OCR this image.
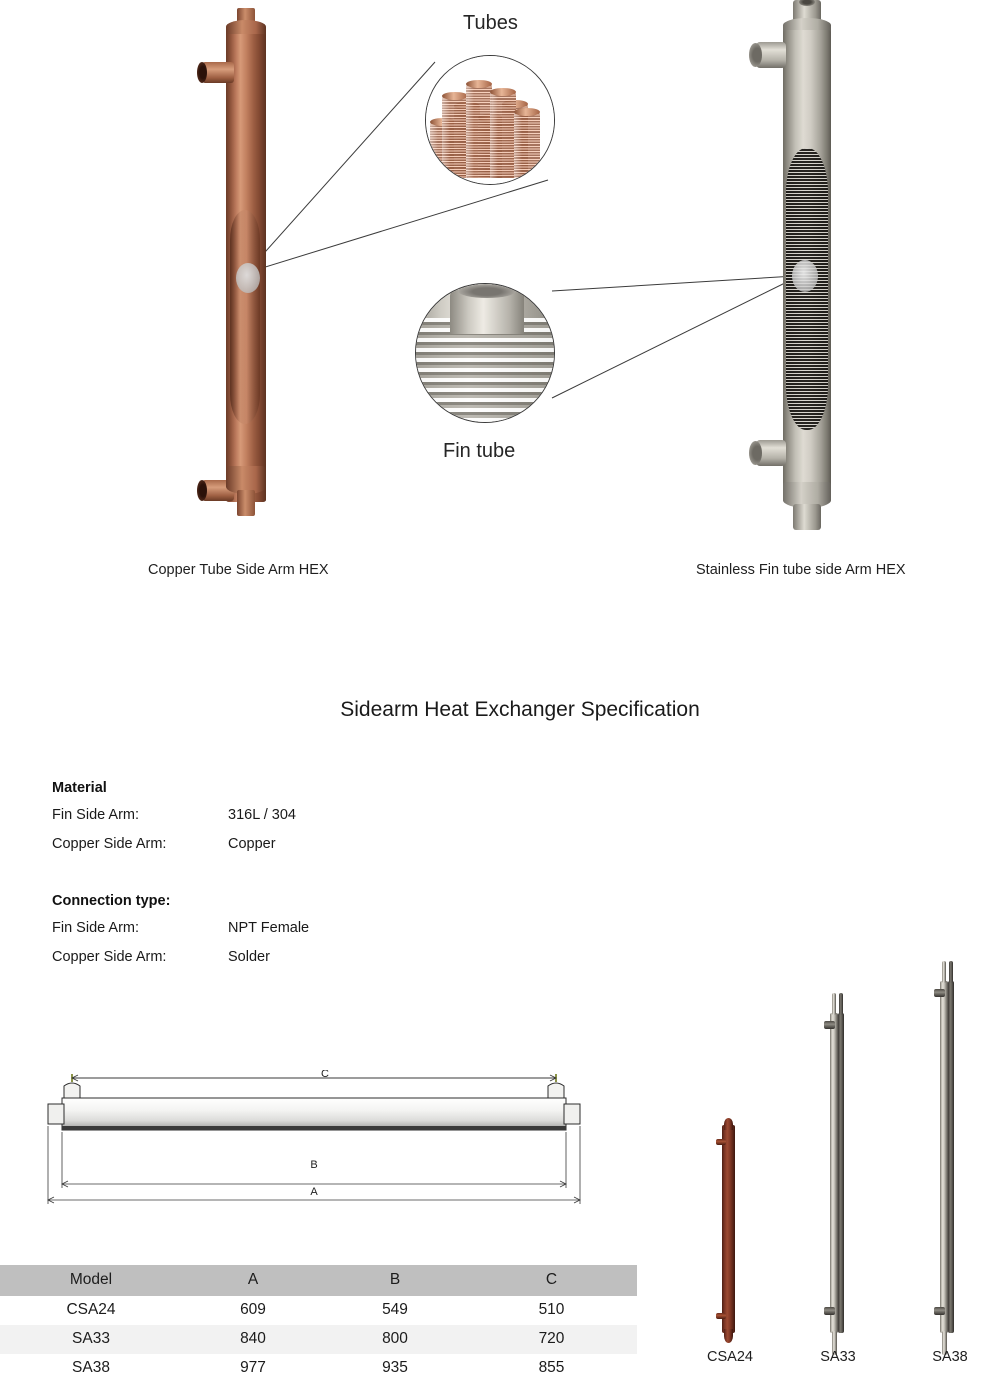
Tubes
Fin tube
Copper Tube Side Arm HEX	Stainless Fin tube side Arm HEX
Sidearm Heat Exchanger Specification
Material
Fin Side Arm:	316L / 304
Copper Side Arm:	Copper
Connection type:
Fin Side Arm:	NPT Female
Copper Side Arm:	Solder
C
B
A
Model	A	B	C
CSA24	609	549	510
SA33	840	800	720
SA38	977	935	855
CSA24	SA33	SA38
